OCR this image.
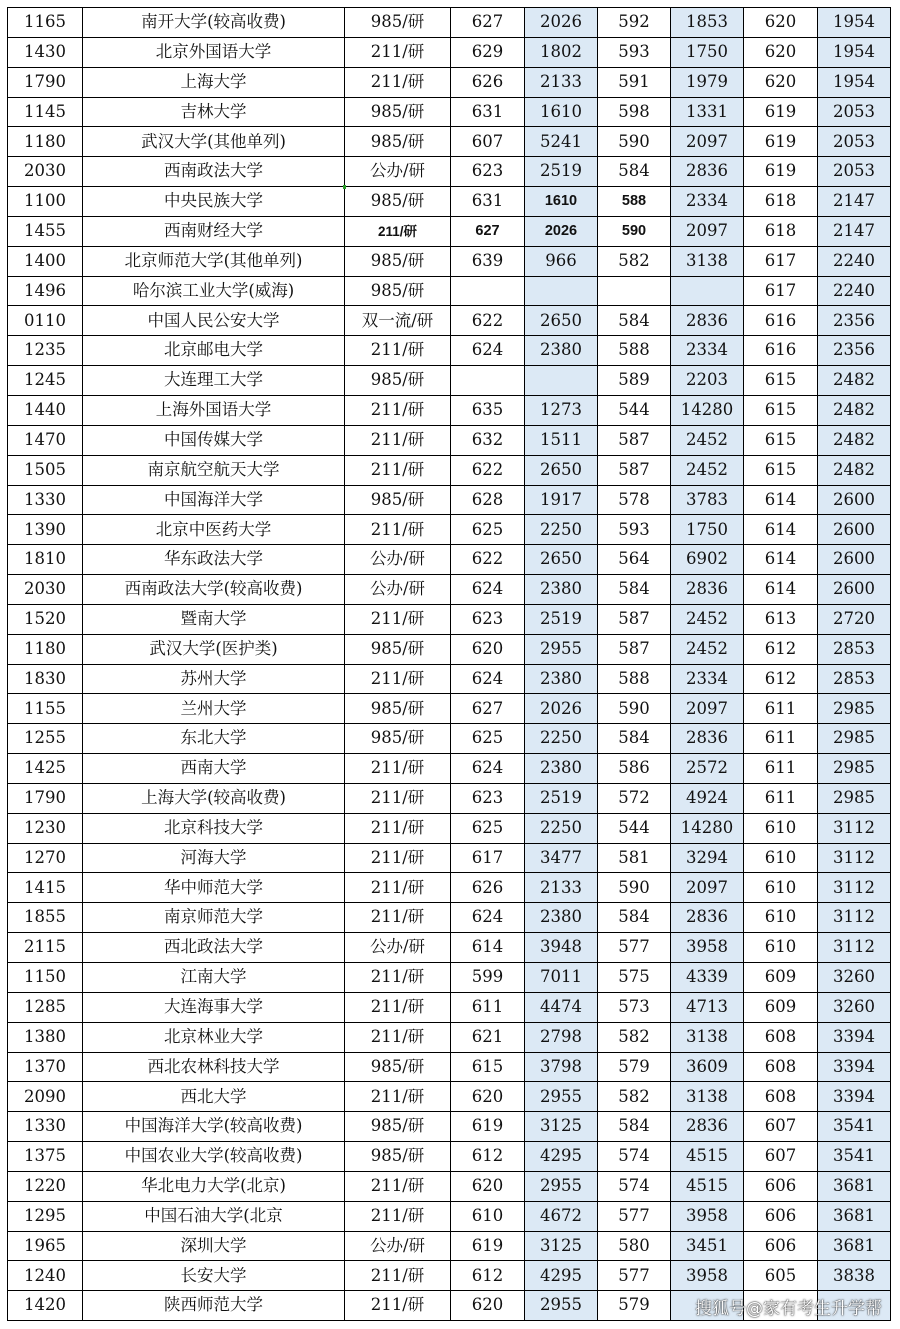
1165	南开大学(较高收费)	985/研	627	2026	592	1853	620	1954
1430	北京外国语大学	211/研	629	1802	593	1750	620	1954
1790	上海大学	211/研	626	2133	591	1979	620	1954
1145	吉林大学	985/研	631	1610	598	1331	619	2053
1180	武汉大学(其他单列)	985/研	607	5241	590	2097	619	2053
2030	西南政法大学	公办/研	623	2519	584	2836	619	2053
1100	中央民族大学	985/研	631	1610	588	2334	618	2147
1455	西南财经大学	211/研	627	2026	590	2097	618	2147
1400	北京师范大学(其他单列)	985/研	639	966	582	3138	617	2240
1496	哈尔滨工业大学(威海)	985/研					617	2240
0110	中国人民公安大学	双一流/研	622	2650	584	2836	616	2356
1235	北京邮电大学	211/研	624	2380	588	2334	616	2356
1245	大连理工大学	985/研			589	2203	615	2482
1440	上海外国语大学	211/研	635	1273	544	14280	615	2482
1470	中国传媒大学	211/研	632	1511	587	2452	615	2482
1505	南京航空航天大学	211/研	622	2650	587	2452	615	2482
1330	中国海洋大学	985/研	628	1917	578	3783	614	2600
1390	北京中医药大学	211/研	625	2250	593	1750	614	2600
1810	华东政法大学	公办/研	622	2650	564	6902	614	2600
2030	西南政法大学(较高收费)	公办/研	624	2380	584	2836	614	2600
1520	暨南大学	211/研	623	2519	587	2452	613	2720
1180	武汉大学(医护类)	985/研	620	2955	587	2452	612	2853
1830	苏州大学	211/研	624	2380	588	2334	612	2853
1155	兰州大学	985/研	627	2026	590	2097	611	2985
1255	东北大学	985/研	625	2250	584	2836	611	2985
1425	西南大学	211/研	624	2380	586	2572	611	2985
1790	上海大学(较高收费)	211/研	623	2519	572	4924	611	2985
1230	北京科技大学	211/研	625	2250	544	14280	610	3112
1270	河海大学	211/研	617	3477	581	3294	610	3112
1415	华中师范大学	211/研	626	2133	590	2097	610	3112
1855	南京师范大学	211/研	624	2380	584	2836	610	3112
2115	西北政法大学	公办/研	614	3948	577	3958	610	3112
1150	江南大学	211/研	599	7011	575	4339	609	3260
1285	大连海事大学	211/研	611	4474	573	4713	609	3260
1380	北京林业大学	211/研	621	2798	582	3138	608	3394
1370	西北农林科技大学	985/研	615	3798	579	3609	608	3394
2090	西北大学	211/研	620	2955	582	3138	608	3394
1330	中国海洋大学(较高收费)	985/研	619	3125	584	2836	607	3541
1375	中国农业大学(较高收费)	985/研	612	4295	574	4515	607	3541
1220	华北电力大学(北京)	211/研	620	2955	574	4515	606	3681
1295	中国石油大学(北京	211/研	610	4672	577	3958	606	3681
1965	深圳大学	公办/研	619	3125	580	3451	606	3681
1240	长安大学	211/研	612	4295	577	3958	605	3838
1420	陕西师范大学	211/研	620	2955	579				搜狐号@家有考生升学帮
